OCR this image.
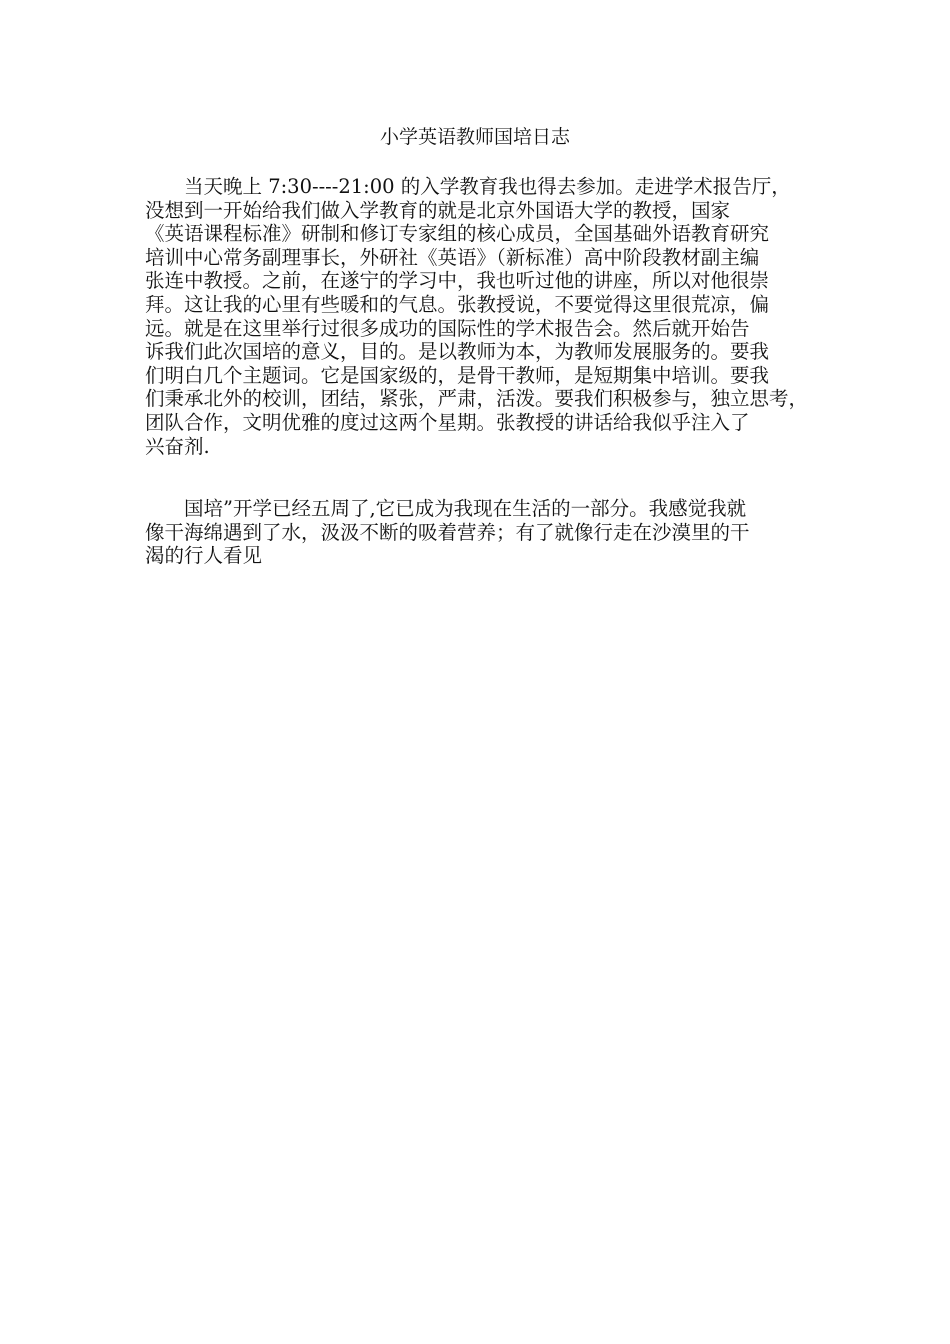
小学英语教师国培日志
当天晚上 7:30----21:00 的入学教育我也得去参加。走进学术报告厅，
没想到一开始给我们做入学教育的就是北京外国语大学的教授，国家
《英语课程标准》研制和修订专家组的核心成员，全国基础外语教育研究
培训中心常务副理事长，外研社《英语》（新标准）高中阶段教材副主编
张连中教授。之前，在遂宁的学习中，我也听过他的讲座，所以对他很崇
拜。这让我的心里有些暖和的气息。张教授说，不要觉得这里很荒凉，偏
远。就是在这里举行过很多成功的国际性的学术报告会。然后就开始告
诉我们此次国培的意义，目的。是以教师为本，为教师发展服务的。要我
们明白几个主题词。它是国家级的，是骨干教师，是短期集中培训。要我
们秉承北外的校训，团结，紧张，严肃，活泼。要我们积极参与，独立思考，
团队合作，文明优雅的度过这两个星期。张教授的讲话给我似乎注入了
兴奋剂.
国培”开学已经五周了,它已成为我现在生活的一部分。我感觉我就
像干海绵遇到了水，汲汲不断的吸着营养；有了就像行走在沙漠里的干
渴的行人看见
